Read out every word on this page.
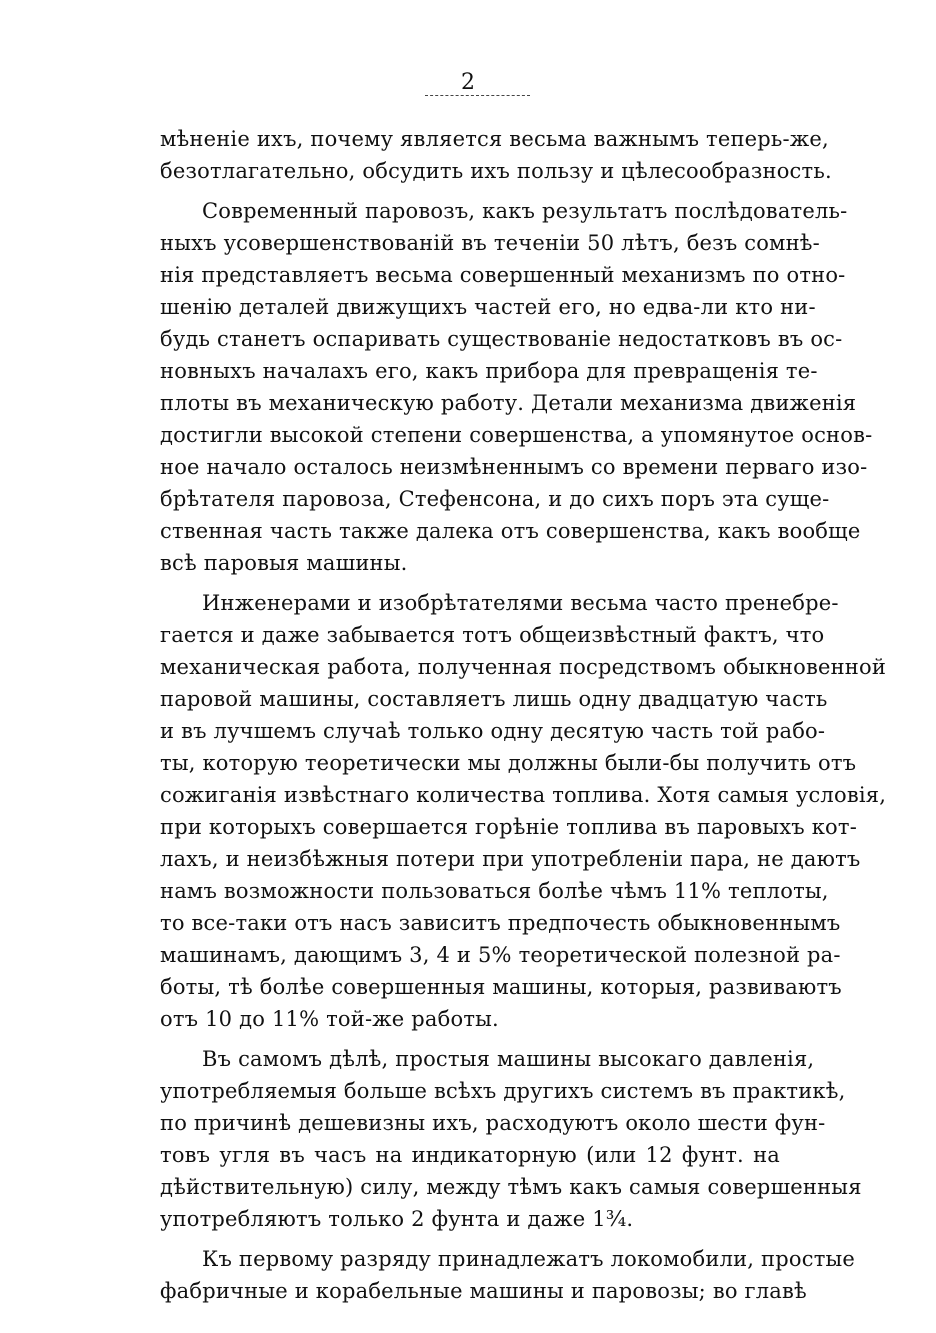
2
мѣненіе ихъ, почему является весьма важнымъ теперь-же,
безотлагательно, обсудить ихъ пользу и цѣлесообразность.
Современный паровозъ, какъ результатъ послѣдователь-
ныхъ усовершенствованій въ теченіи 50 лѣтъ, безъ сомнѣ-
нія представляетъ весьма совершенный механизмъ по отно-
шенію деталей движущихъ частей его, но едва-ли кто ни-
будь станетъ оспаривать существованіе недостатковъ въ ос-
новныхъ началахъ его, какъ прибора для превращенія те-
плоты въ механическую работу. Детали механизма движенія
достигли высокой степени совершенства, а упомянутое основ-
ное начало осталось неизмѣненнымъ со времени перваго изо-
брѣтателя паровоза, Стефенсона, и до сихъ поръ эта суще-
ственная часть также далека отъ совершенства, какъ вообще
всѣ паровыя машины.
Инженерами и изобрѣтателями весьма часто пренебре-
гается и даже забывается тотъ общеизвѣстный фактъ, что
механическая работа, полученная посредствомъ обыкновенной
паровой машины, составляетъ лишь одну двадцатую часть
и въ лучшемъ случаѣ только одну десятую часть той рабо-
ты, которую теоретически мы должны были-бы получить отъ
сожиганія извѣстнаго количества топлива. Хотя самыя условія,
при которыхъ совершается горѣніе топлива въ паровыхъ кот-
лахъ, и неизбѣжныя потери при употребленіи пара, не даютъ
намъ возможности пользоваться болѣе чѣмъ 11% теплоты,
то все-таки отъ насъ зависитъ предпочесть обыкновеннымъ
машинамъ, дающимъ 3, 4 и 5% теоретической полезной ра-
боты, тѣ болѣе совершенныя машины, которыя, развиваютъ
отъ 10 до 11% той-же работы.
Въ самомъ дѣлѣ, простыя машины высокаго давленія,
употребляемыя больше всѣхъ другихъ системъ въ практикѣ,
по причинѣ дешевизны ихъ, расходуютъ около шести фун-
товъ угля въ часъ на индикаторную (или 12 фунт. на
дѣйствительную) силу, между тѣмъ какъ самыя совершенныя
употребляютъ только 2 фунта и даже 1¾.
Къ первому разряду принадлежатъ локомобили, простые
фабричные и корабельные машины и паровозы; во главѣ
